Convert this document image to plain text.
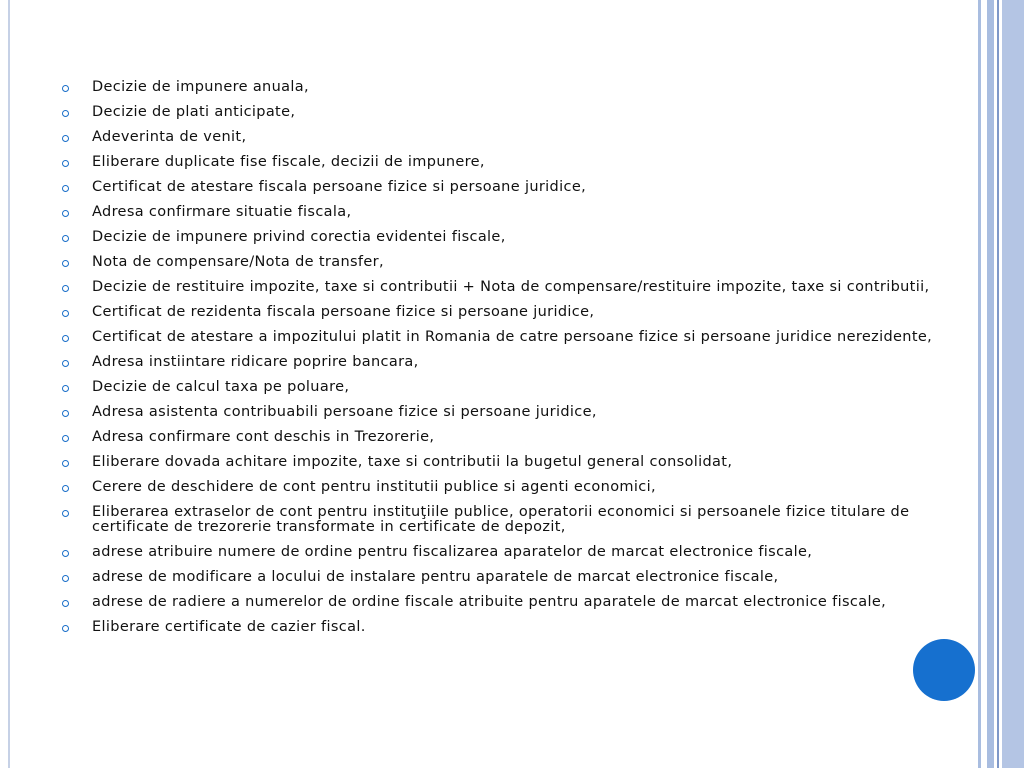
Decizie de impunere anuala,
Decizie de plati anticipate,
Adeverinta de venit,
Eliberare duplicate fise fiscale, decizii de impunere,
Certificat de atestare fiscala persoane fizice si persoane juridice,
Adresa confirmare situatie fiscala,
Decizie de impunere privind corectia evidentei fiscale,
Nota de compensare/Nota de transfer,
Decizie de restituire impozite, taxe si contributii + Nota de compensare/restituire impozite, taxe si contributii,
Certificat de rezidenta fiscala persoane fizice si persoane juridice,
Certificat de atestare a impozitului platit in Romania de catre persoane fizice si persoane juridice nerezidente,
Adresa instiintare ridicare poprire bancara,
Decizie de calcul taxa pe poluare,
Adresa asistenta contribuabili persoane fizice si persoane juridice,
Adresa confirmare cont deschis in Trezorerie,
Eliberare dovada achitare impozite, taxe si contributii la bugetul general consolidat,
Cerere de deschidere de cont pentru institutii publice si agenti economici,
Eliberarea extraselor de cont pentru instituţiile publice, operatorii economici si persoanele fizice titulare de certificate de trezorerie transformate in certificate de depozit,
adrese atribuire numere de ordine pentru fiscalizarea aparatelor de marcat electronice fiscale,
adrese de modificare a locului de instalare pentru aparatele de marcat electronice fiscale,
adrese de radiere a numerelor de ordine fiscale atribuite pentru aparatele de marcat electronice fiscale,
Eliberare certificate de cazier fiscal.
